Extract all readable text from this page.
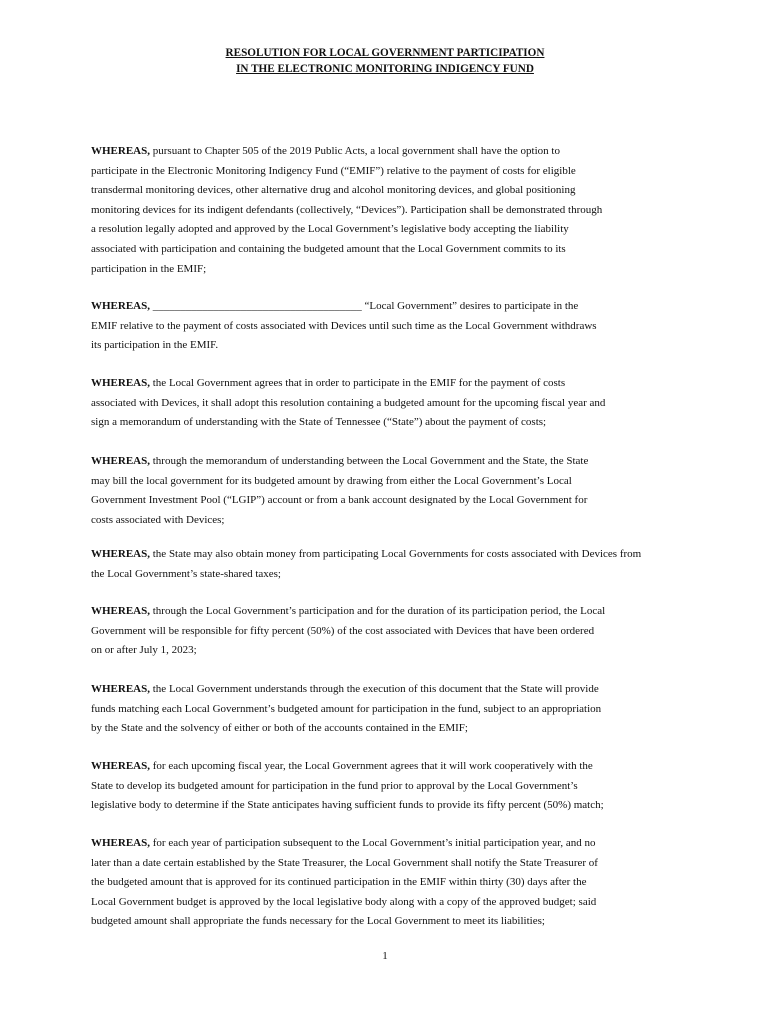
RESOLUTION FOR LOCAL GOVERNMENT PARTICIPATION
IN THE ELECTRONIC MONITORING INDIGENCY FUND
WHEREAS, pursuant to Chapter 505 of the 2019 Public Acts, a local government shall have the option to
participate in the Electronic Monitoring Indigency Fund (“EMIF”) relative to the payment of costs for eligible
transdermal monitoring devices, other alternative drug and alcohol monitoring devices, and global positioning
monitoring devices for its indigent defendants (collectively, “Devices”). Participation shall be demonstrated through
a resolution legally adopted and approved by the Local Government’s legislative body accepting the liability
associated with participation and containing the budgeted amount that the Local Government commits to its
participation in the EMIF;
WHEREAS, ______________________________________ “Local Government” desires to participate in the
EMIF relative to the payment of costs associated with Devices until such time as the Local Government withdraws
its participation in the EMIF.
WHEREAS, the Local Government agrees that in order to participate in the EMIF for the payment of costs
associated with Devices, it shall adopt this resolution containing a budgeted amount for the upcoming fiscal year and
sign a memorandum of understanding with the State of Tennessee (“State”) about the payment of costs;
WHEREAS, through the memorandum of understanding between the Local Government and the State, the State
may bill the local government for its budgeted amount by drawing from either the Local Government’s Local
Government Investment Pool (“LGIP”) account or from a bank account designated by the Local Government for
costs associated with Devices;
WHEREAS, the State may also obtain money from participating Local Governments for costs associated with Devices from
the Local Government’s state-shared taxes;
WHEREAS, through the Local Government’s participation and for the duration of its participation period, the Local
Government will be responsible for fifty percent (50%) of the cost associated with Devices that have been ordered
on or after July 1, 2023;
WHEREAS, the Local Government understands through the execution of this document that the State will provide
funds matching each Local Government’s budgeted amount for participation in the fund, subject to an appropriation
by the State and the solvency of either or both of the accounts contained in the EMIF;
WHEREAS, for each upcoming fiscal year, the Local Government agrees that it will work cooperatively with the
State to develop its budgeted amount for participation in the fund prior to approval by the Local Government’s
legislative body to determine if the State anticipates having sufficient funds to provide its fifty percent (50%) match;
WHEREAS, for each year of participation subsequent to the Local Government’s initial participation year, and no
later than a date certain established by the State Treasurer, the Local Government shall notify the State Treasurer of
the budgeted amount that is approved for its continued participation in the EMIF within thirty (30) days after the
Local Government budget is approved by the local legislative body along with a copy of the approved budget; said
budgeted amount shall appropriate the funds necessary for the Local Government to meet its liabilities;
1
